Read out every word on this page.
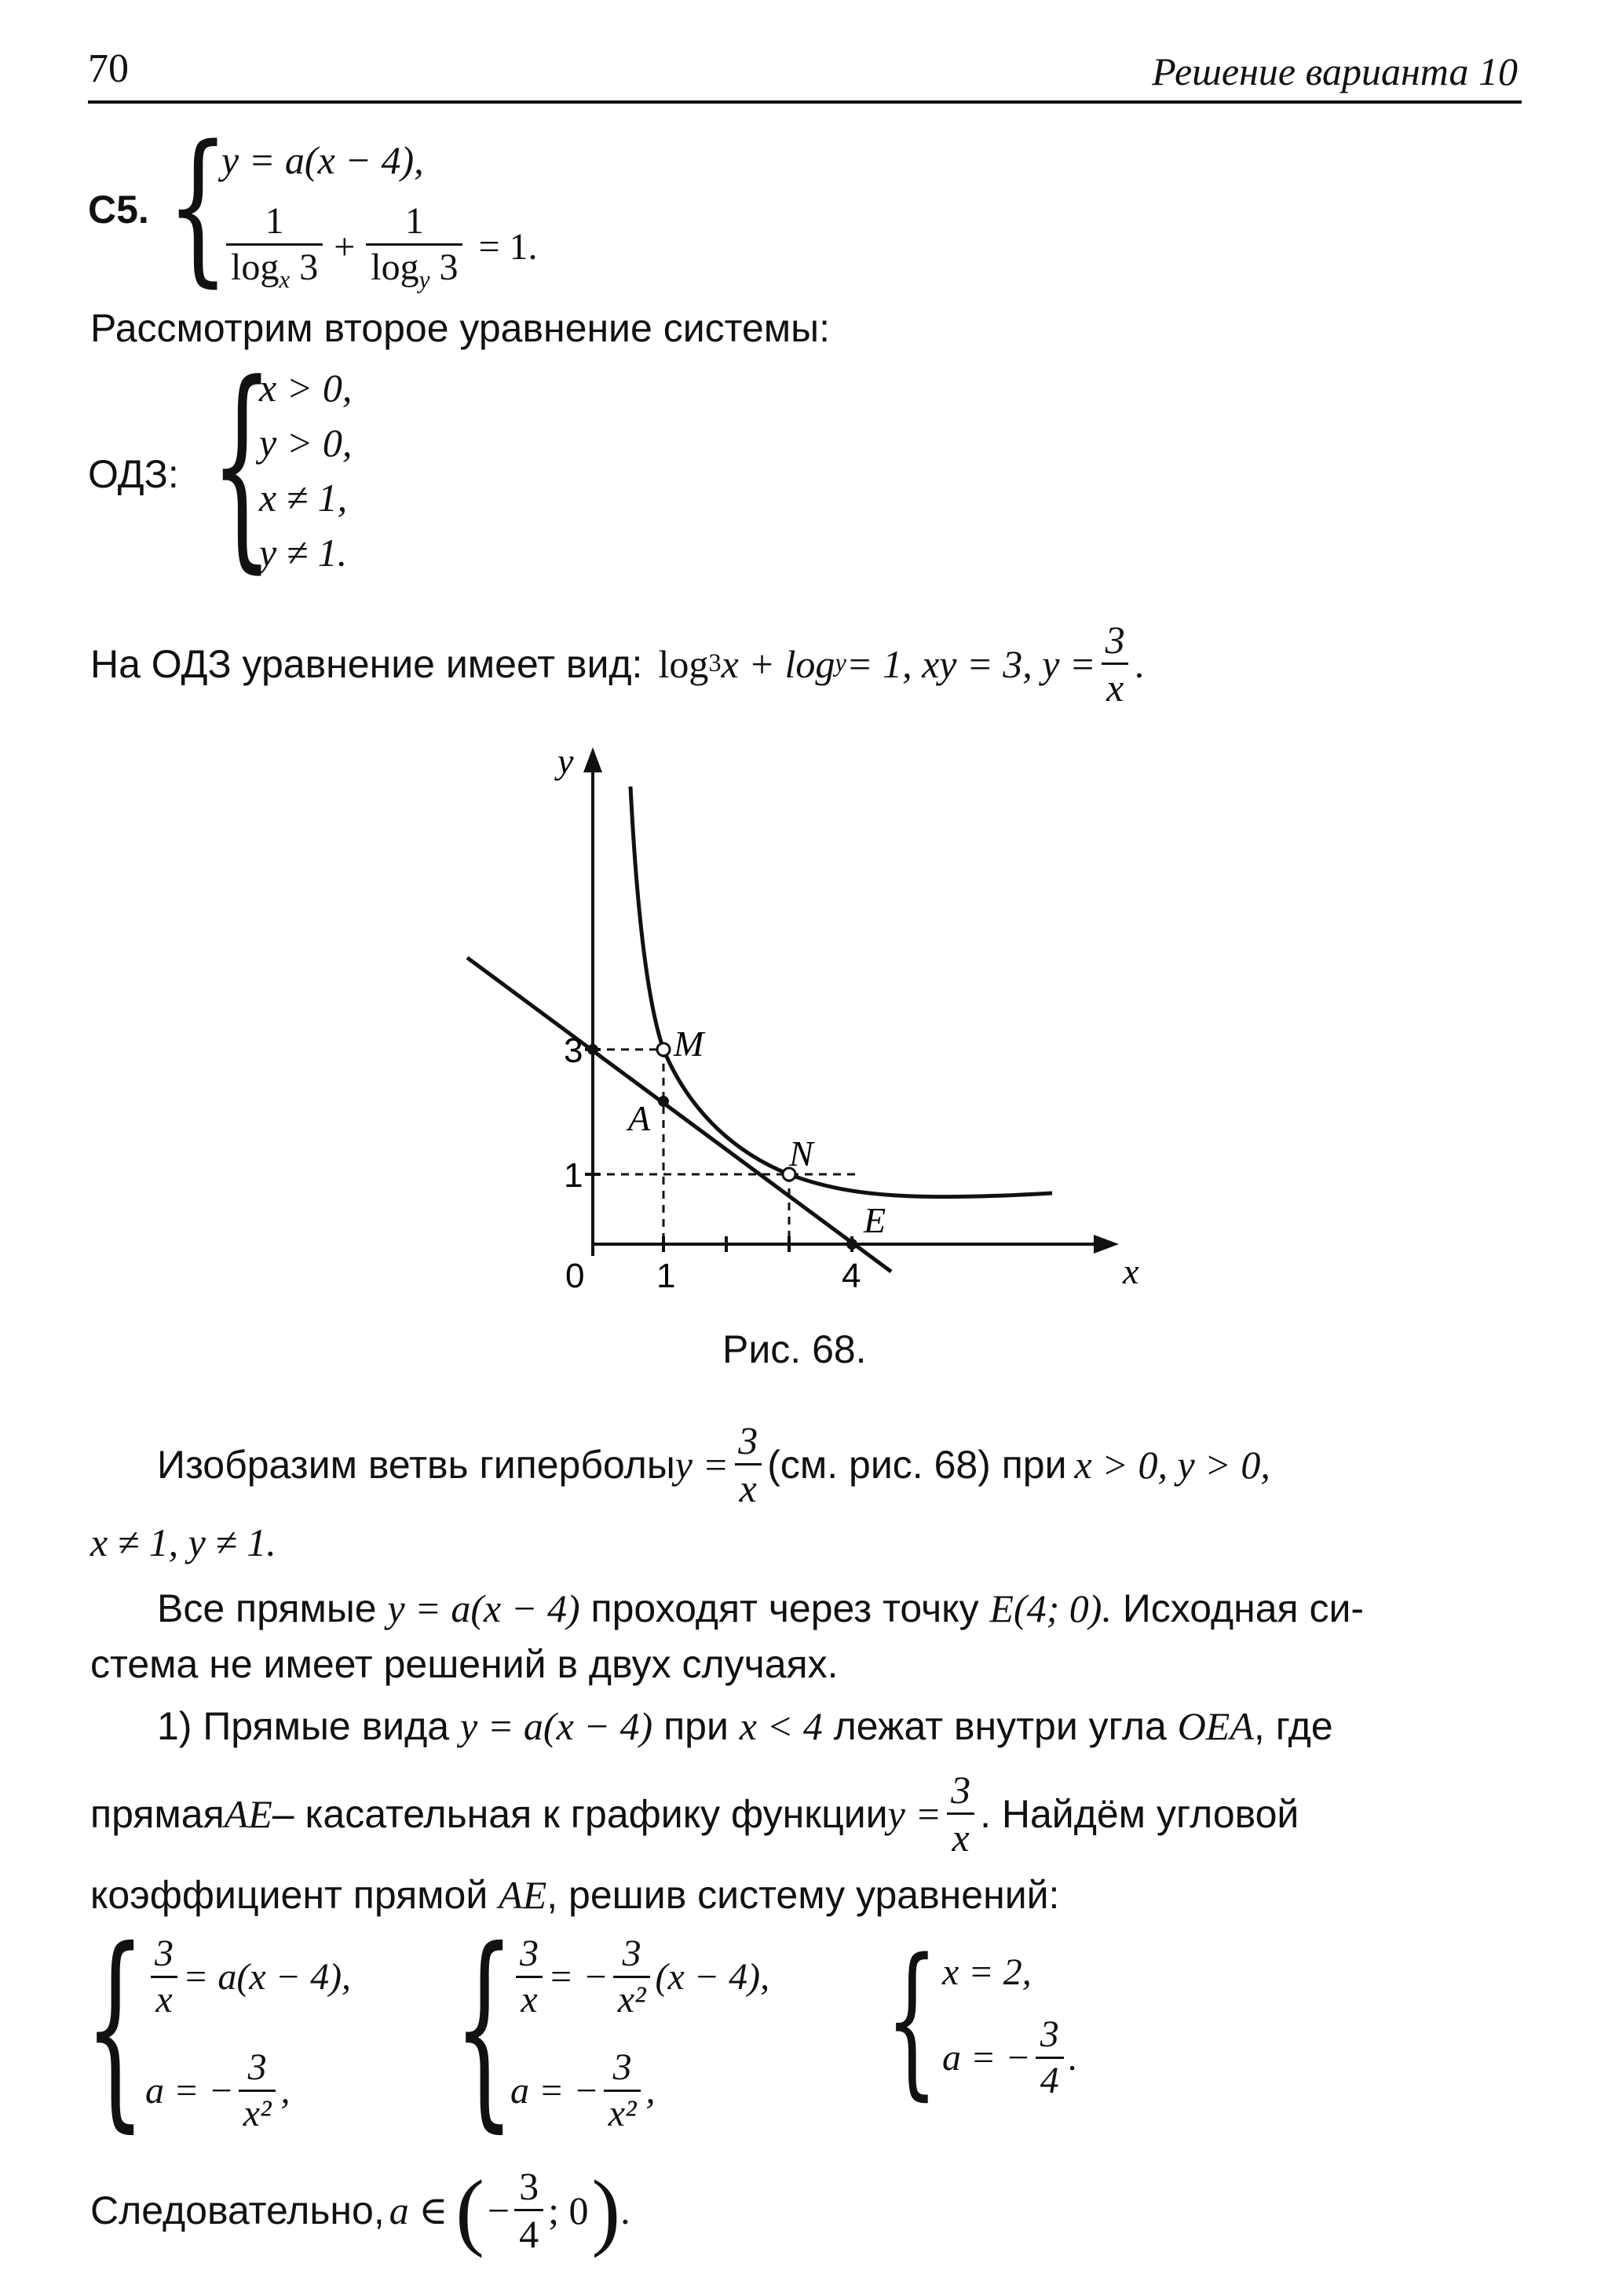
70	Решение варианта 10
C5. {
y = a(x − 4),
$\frac{1}{\log_x 3} + \frac{1}{\log_y 3} = 1$.
Рассмотрим второе уравнение системы:
ОДЗ: {
x > 0,
y > 0,
x ≠ 1,
y ≠ 1.
На ОДЗ уравнение имеет вид: log 3 x + log y = 1, xy = 3, $y = \frac{3}{x}$ .
y
x
0 1	4
1
3	M
A
N
E
Рис. 68.
Изобразим ветвь гиперболы $y = \frac{3}{x} (см$. рис. 68) при x > 0, y > 0,
x ≠ 1, y ≠ 1.
Все прямые y = a(x − 4) проходят через точку E(4; 0). Исходная си-
стема не имеет решений в двух случаях.
1) Прямые вида y = a(x − 4) при x < 4 лежат внутри угла OEA, где
прямая AE – касательная к графику функции $y = \frac{3}{x}$ . Найдём угловой
коэффициент прямой AE, решив систему уравнений:
{ $\frac{3}{x} = a(x - 4)$,
a = − $\frac{3}{\text{x²}}$ , { $\frac{3}{x}$ = − $\frac{3}{\text{x²}} (x - 4)$,
a = − $\frac{3}{\text{x²}}$ , { x = 2,
a = − $\frac{3}{4}$ .
Следовательно, a ∈ ( − $\frac{3}{4}$ ; 0 ) .
